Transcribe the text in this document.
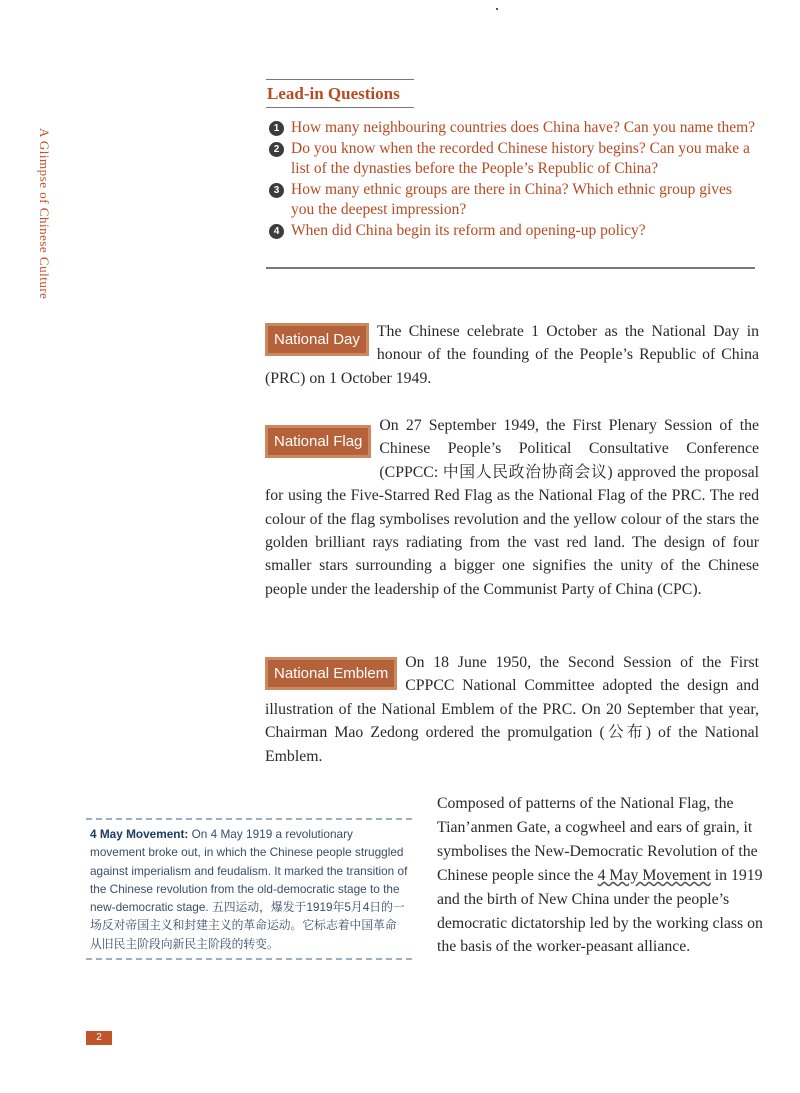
A Glimpse of Chinese Culture
Lead-in Questions
1 How many neighbouring countries does China have? Can you name them?
2 Do you know when the recorded Chinese history begins? Can you make a list of the dynasties before the People’s Republic of China?
3 How many ethnic groups are there in China? Which ethnic group gives you the deepest impression?
4 When did China begin its reform and opening-up policy?

National Day	The Chinese celebrate 1 October as the National Day in honour of the founding of the People’s Republic of China (PRC) on 1 October 1949.

National Flag
On 27 September 1949, the First Plenary Session of the Chinese People’s Political Consultative Conference (CPPCC: 中国人民政治协商会议) approved the proposal for using the Five-Starred Red Flag as the National Flag of the PRC. The red colour of the flag symbolises revolution and the yellow colour of the stars the golden brilliant rays radiating from the vast red land. The design of four smaller stars surrounding a bigger one signifies the unity of the Chinese people under the leadership of the Communist Party of China (CPC).

National Emblem
On 18 June 1950, the Second Session of the First CPPCC National Committee adopted the design and illustration of the National Emblem of the PRC. On 20 September that year, Chairman Mao Zedong ordered the promulgation (公布) of the National Emblem.

4 May Movement: On 4 May 1919 a revolutionary movement broke out, in which the Chinese people struggled against imperialism and feudalism. It marked the transition of the Chinese revolution from the old-democratic stage to the new-democratic stage. 五四运动，爆发于1919年5月4日的一场反对帝国主义和封建主义的革命运动。它标志着中国革命从旧民主阶段向新民主阶段的转变。
Composed of patterns of the National Flag, the Tian’anmen Gate, a cogwheel and ears of grain, it symbolises the New-Democratic Revolution of the Chinese people since the 4 May Movement in 1919 and the birth of New China under the people’s democratic dictatorship led by the working class on the basis of the worker-peasant alliance.
2
